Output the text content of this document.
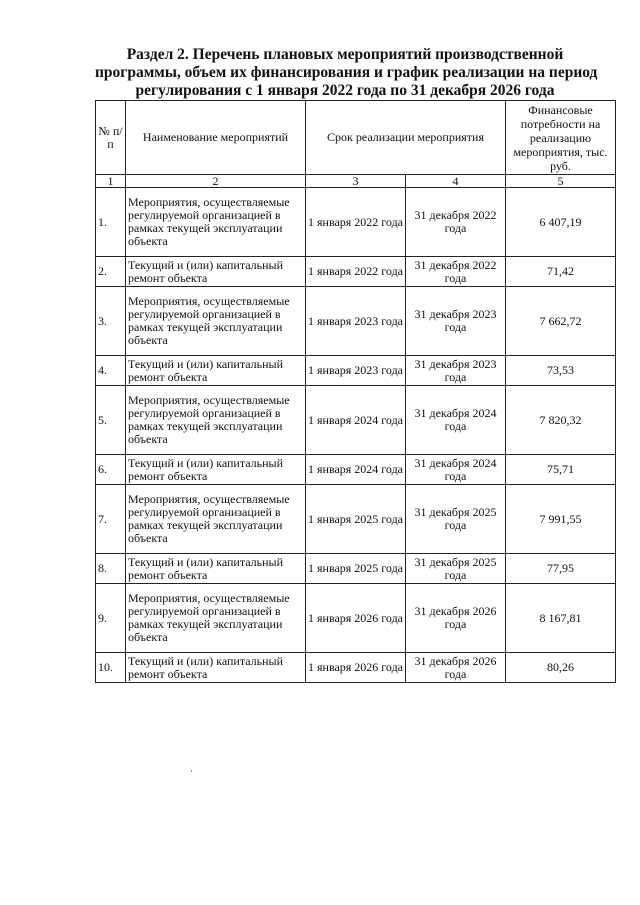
Раздел 2. Перечень плановых мероприятий производственной
программы, объем их финансирования и график реализации на период
регулирования с 1 января 2022 года по 31 декабря 2026 года
№ п/п	Наименование мероприятий	Срок реализации мероприятия		Финансовые потребности на реализацию мероприятия, тыс. руб.
1	2	3	4	5
1.	Мероприятия, осуществляемые регулируемой организацией в рамках текущей эксплуатации объекта	1 января 2022 года	31 декабря 2022 года	6 407,19
2.	Текущий и (или) капитальный ремонт объекта	1 января 2022 года	31 декабря 2022 года	71,42
3.	Мероприятия, осуществляемые регулируемой организацией в рамках текущей эксплуатации объекта	1 января 2023 года	31 декабря 2023 года	7 662,72
4.	Текущий и (или) капитальный ремонт объекта	1 января 2023 года	31 декабря 2023 года	73,53
5.	Мероприятия, осуществляемые регулируемой организацией в рамках текущей эксплуатации объекта	1 января 2024 года	31 декабря 2024 года	7 820,32
6.	Текущий и (или) капитальный ремонт объекта	1 января 2024 года	31 декабря 2024 года	75,71
7.	Мероприятия, осуществляемые регулируемой организацией в рамках текущей эксплуатации объекта	1 января 2025 года	31 декабря 2025 года	7 991,55
8.	Текущий и (или) капитальный ремонт объекта	1 января 2025 года	31 декабря 2025 года	77,95
9.	Мероприятия, осуществляемые регулируемой организацией в рамках текущей эксплуатации объекта	1 января 2026 года	31 декабря 2026 года	8 167,81
10.	Текущий и (или) капитальный ремонт объекта	1 января 2026 года	31 декабря 2026 года	80,26
